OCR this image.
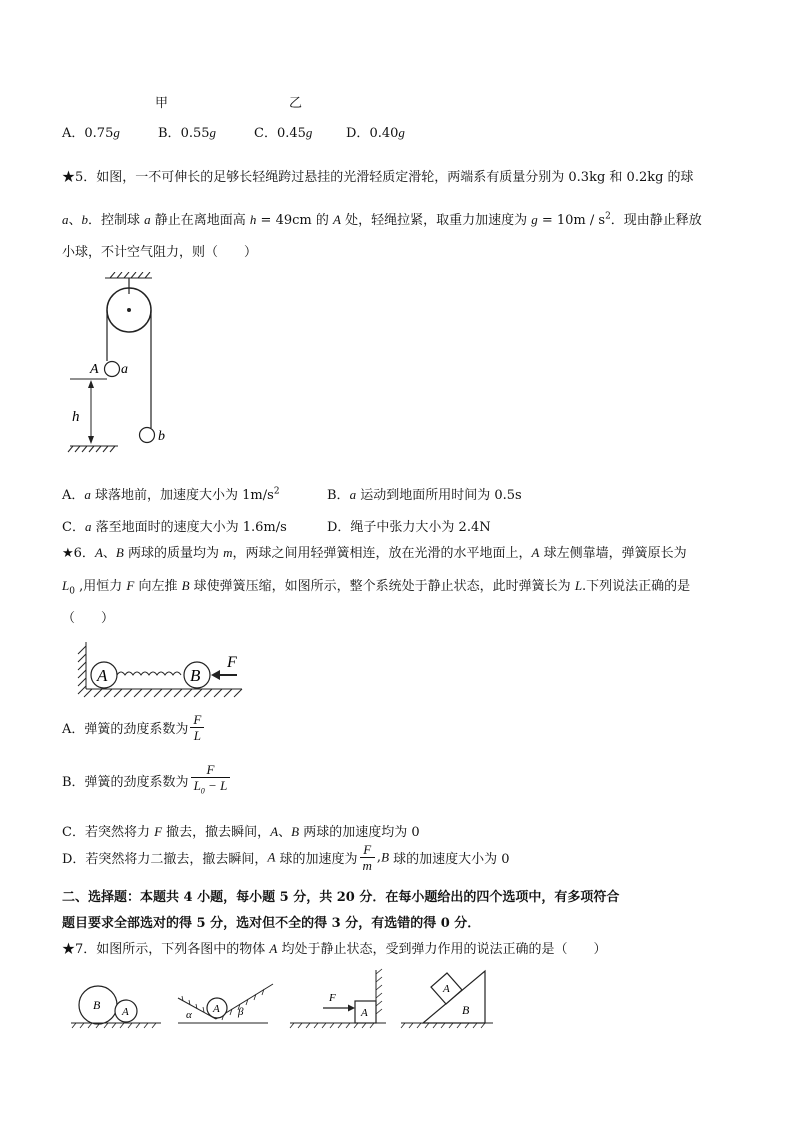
甲	乙
A．0.75g	B．0.55g	C．0.45g	D．0.40g
★5．如图，一不可伸长的足够长轻绳跨过悬挂的光滑轻质定滑轮，两端系有质量分别为 0.3kg 和 0.2kg 的球
a、b．控制球 a 静止在离地面高 h = 49cm 的 A 处，轻绳拉紧，取重力加速度为 $g = 10m / s^2$．现由静止释放
小球，不计空气阻力，则（　　）
A a
h
b
A．a 球落地前，加速度大小为 $1m/s^2$	B．a 运动到地面所用时间为 0.5s
C．a 落至地面时的速度大小为 1.6m/s	D．绳子中张力大小为 2.4N
★6．A、B 两球的质量均为 m，两球之间用轻弹簧相连，放在光滑的水平地面上，A 球左侧靠墙，弹簧原长为
$L_0$ ,用恒力 F 向左推 B 球使弹簧压缩，如图所示，整个系统处于静止状态，此时弹簧长为 L.下列说法正确的是
（　　）
A	B
F
A．弹簧的劲度系数为 $\frac{F}{L}$
B．弹簧的劲度系数为 $\frac{F}{L_0 - L}$
C．若突然将力 F 撤去，撤去瞬间，A、B 两球的加速度均为 0
D．若突然将力二撤去，撤去瞬间，A 球的加速度为 $\frac{F}{m} ,B$ 球的加速度大小为 0
二、选择题：本题共 4 小题，每小题 5 分，共 20 分．在每小题给出的四个选项中，有多项符合
题目要求全部选对的得 5 分，选对但不全的得 3 分，有选错的得 0 分．
★7．如图所示，下列各图中的物体 A 均处于静止状态，受到弹力作用的说法正确的是（　　）
B A	A
α	β	A
F
A
B
